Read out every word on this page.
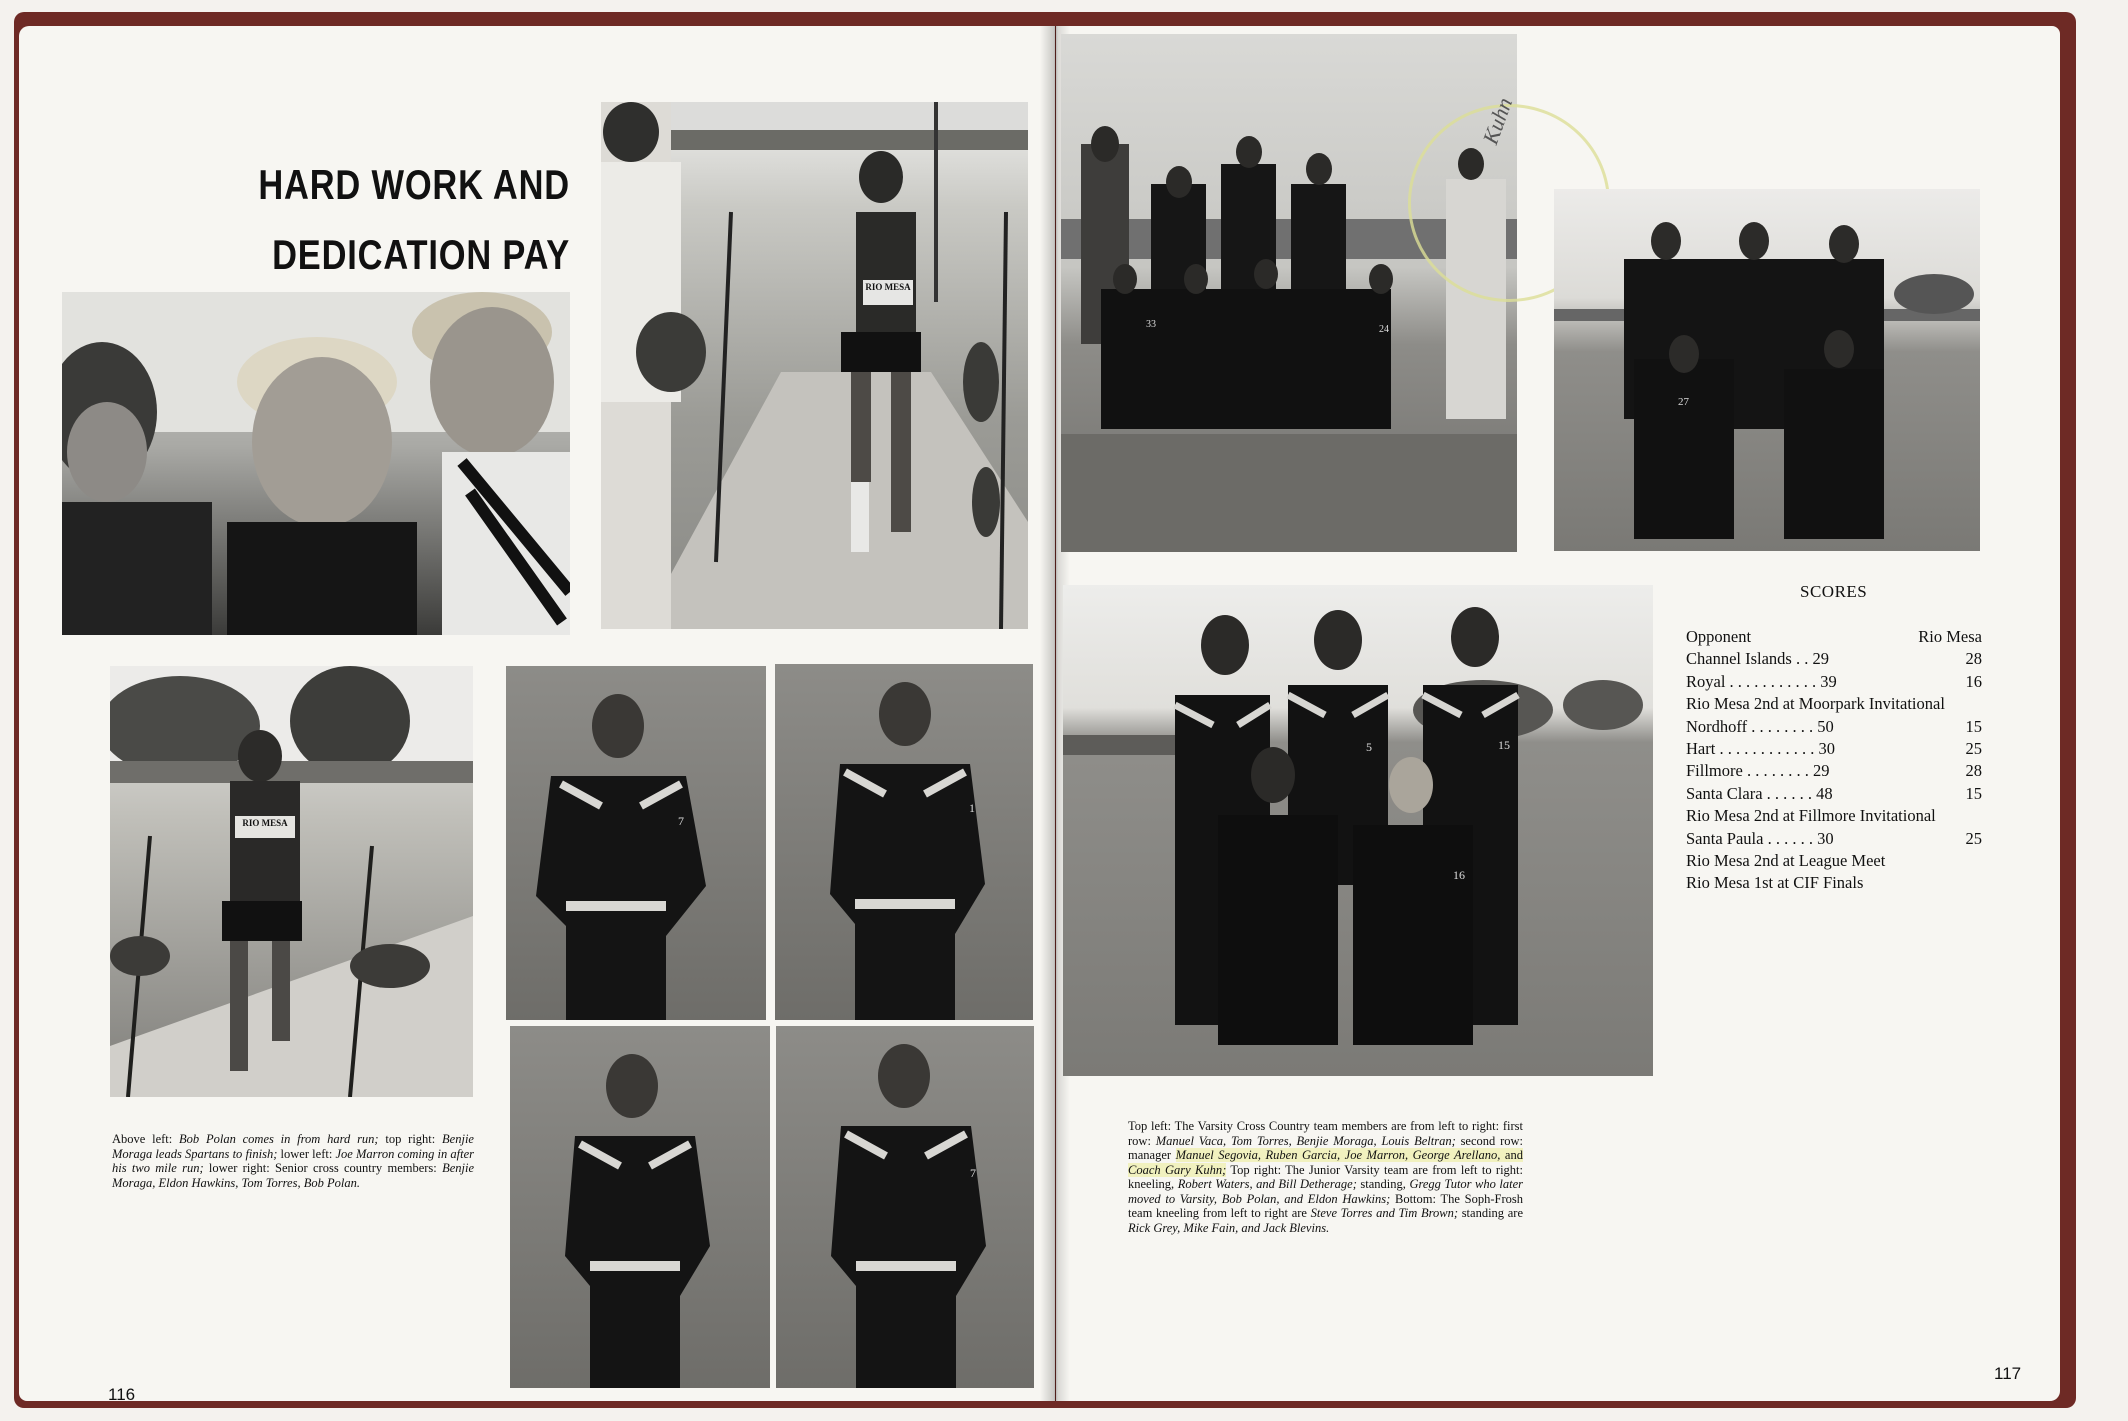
HARD WORK AND
DEDICATION PAY
RIO MESA
RIO MESA	7
1
7
Above left: Bob Polan comes in from hard run; top right: Benjie Moraga leads Spartans to finish; lower left: Joe Marron coming in after his two mile run; lower right: Senior cross country members: Benjie Moraga, Eldon Hawkins, Tom Torres, Bob Polan.
116
33	24
Kuhn
27
15
5
16
SCORES
Opponent	Rio Mesa
Channel Islands . . 29	28
Royal . . . . . . . . . . . 39	16
Rio Mesa 2nd at Moorpark Invitational
Nordhoff . . . . . . . . 50	15
Hart . . . . . . . . . . . . 30	25
Fillmore . . . . . . . . 29	28
Santa Clara . . . . . . 48	15
Rio Mesa 2nd at Fillmore Invitational
Santa Paula . . . . . . 30	25
Rio Mesa 2nd at League Meet
Rio Mesa 1st at CIF Finals
Top left: The Varsity Cross Country team members are from left to right: first row: Manuel Vaca, Tom Torres, Benjie Moraga, Louis Beltran; second row: manager Manuel Segovia, Ruben Garcia, Joe Marron, George Arellano, and Coach Gary Kuhn; Top right: The Junior Varsity team are from left to right: kneeling, Robert Waters, and Bill Detherage; standing, Gregg Tutor who later moved to Varsity, Bob Polan, and Eldon Hawkins; Bottom: The Soph-Frosh team kneeling from left to right are Steve Torres and Tim Brown; standing are Rick Grey, Mike Fain, and Jack Blevins.
117
